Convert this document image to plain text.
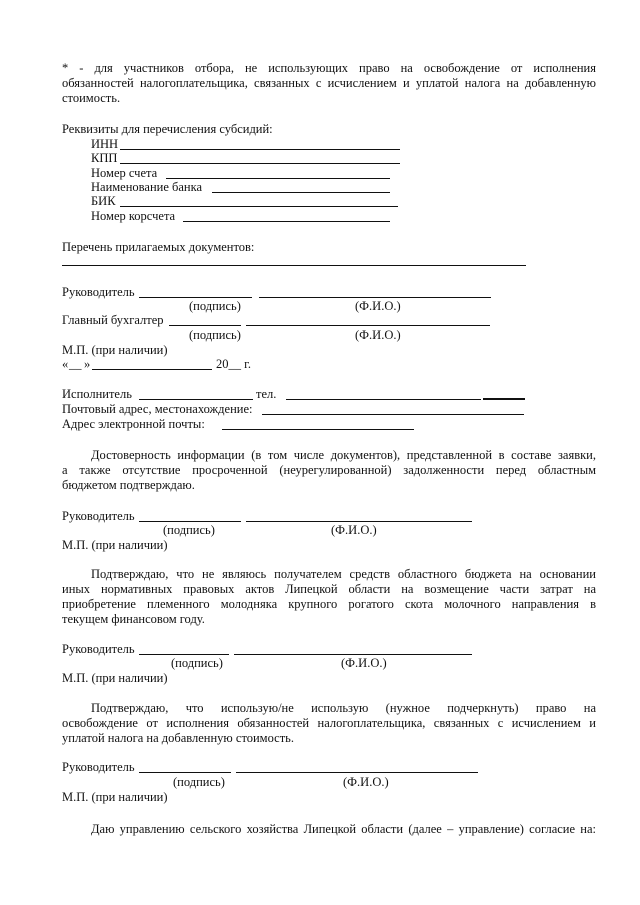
* - для участников отбора, не использующих право на освобождение от исполнения
обязанностей налогоплательщика, связанных с исчислением и уплатой налога на добавленную
стоимость.
Реквизиты для перечисления субсидий:
ИНН
КПП
Номер счета
Наименование банка
БИК
Номер корсчета
Перечень прилагаемых документов:
Руководитель
(подпись)	(Ф.И.О.)
Главный бухгалтер
(подпись)	(Ф.И.О.)
М.П. (при наличии)
« __ »	20__ г.
Исполнитель	тел.
Почтовый адрес, местонахождение:
Адрес электронной почты:
Достоверность информации (в том числе документов), представленной в составе заявки,
а также отсутствие просроченной (неурегулированной) задолженности перед областным
бюджетом подтверждаю.
Руководитель
(подпись)	(Ф.И.О.)
М.П. (при наличии)
Подтверждаю, что не являюсь получателем средств областного бюджета на основании
иных нормативных правовых актов Липецкой области на возмещение части затрат на
приобретение племенного молодняка крупного рогатого скота молочного направления в
текущем финансовом году.
Руководитель
(подпись)	(Ф.И.О.)
М.П. (при наличии)
Подтверждаю, что использую/не использую (нужное подчеркнуть) право на
освобождение от исполнения обязанностей налогоплательщика, связанных с исчислением и
уплатой налога на добавленную стоимость.
Руководитель
(подпись)	(Ф.И.О.)
М.П. (при наличии)
Даю управлению сельского хозяйства Липецкой области (далее – управление) согласие на:
